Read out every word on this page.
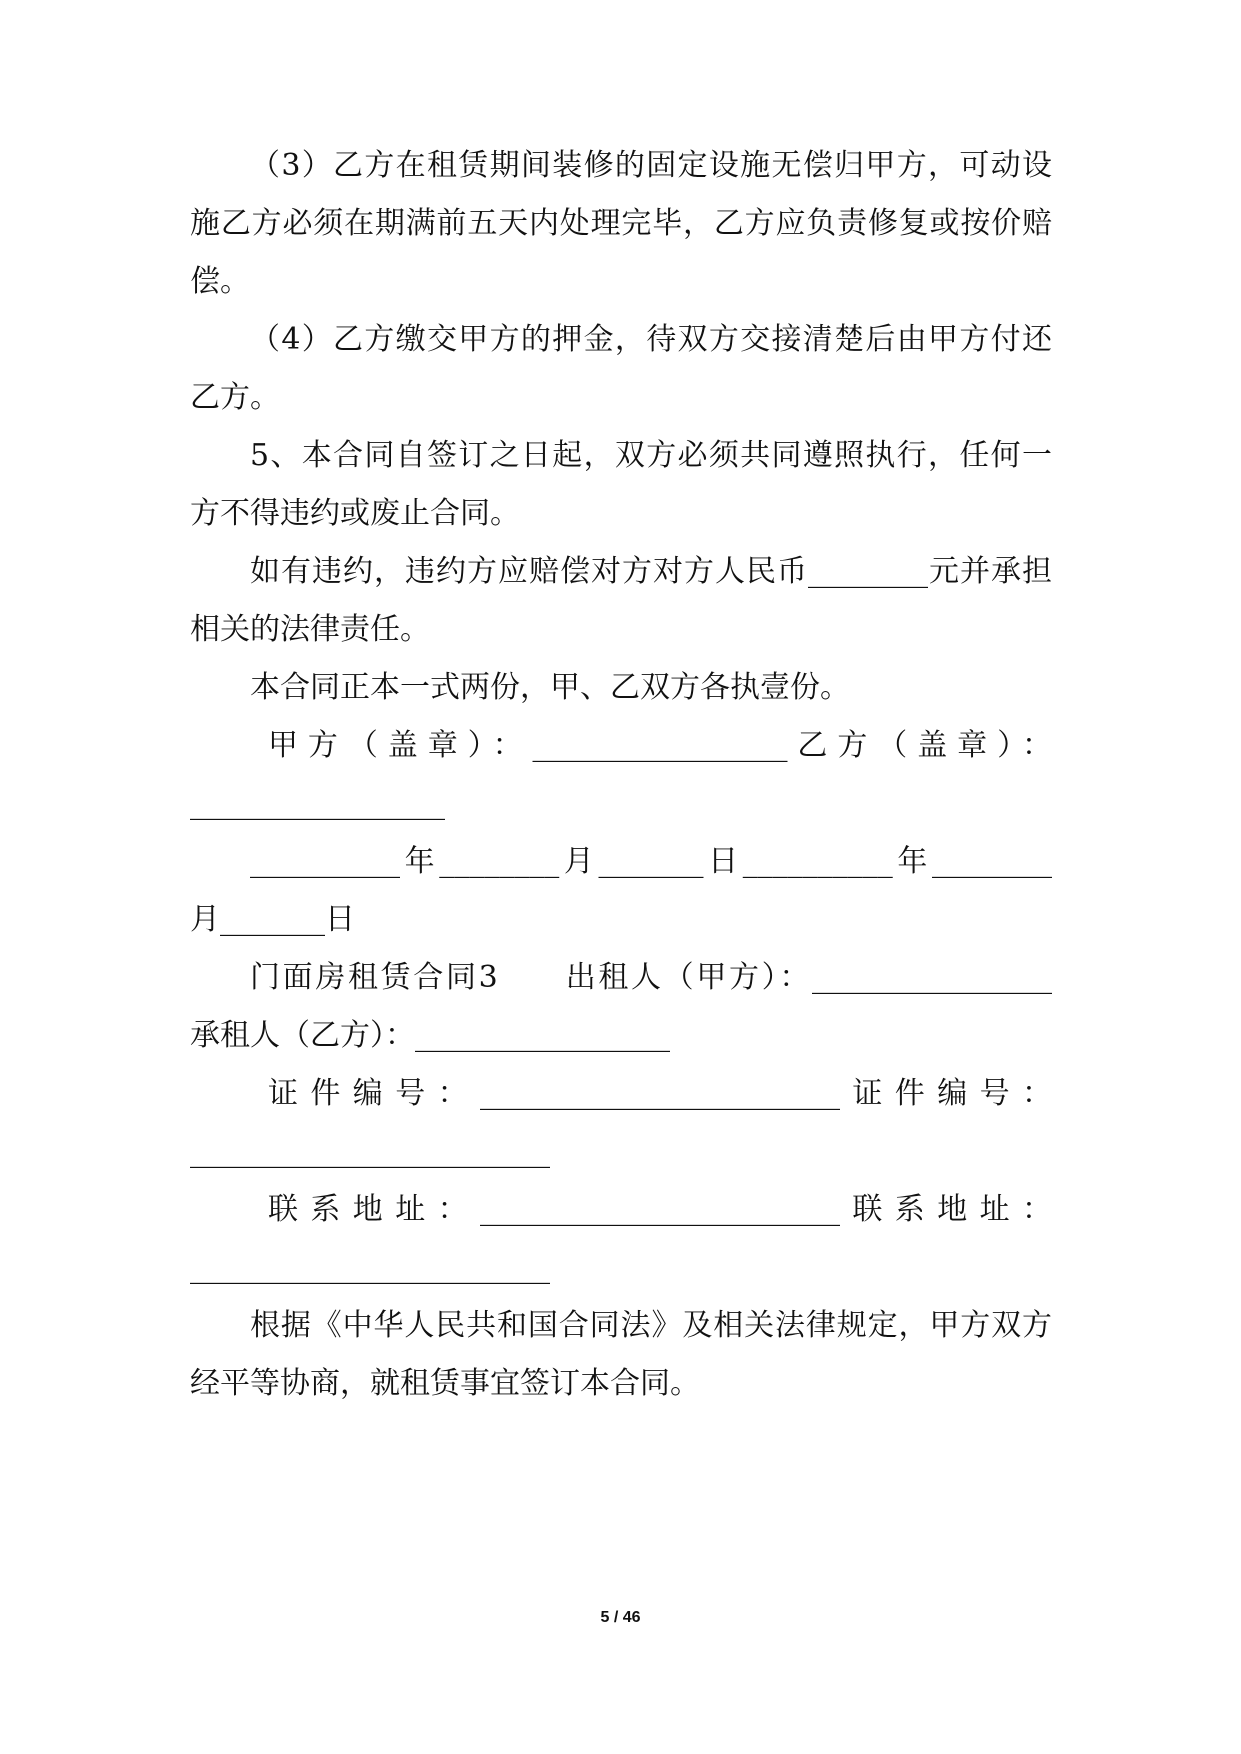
（3）乙方在租赁期间装修的固定设施无偿归甲方，可动设
施乙方必须在期满前五天内处理完毕，乙方应负责修复或按价赔
偿。
（4）乙方缴交甲方的押金，待双方交接清楚后由甲方付还
乙方。
5、本合同自签订之日起，双方必须共同遵照执行，任何一
方不得违约或废止合同。
如有违约，违约方应赔偿对方对方人民币________元并承担
相关的法律责任。
本合同正本一式两份，甲、乙双方各执壹份。
甲方（盖章）：_________________乙方（盖章）：
_________________
__________年________月_______日__________年________
月_______日
门面房租赁合同3　　出租人（甲方）：________________
承租人（乙方）：_________________
证件编号：________________________证件编号：
________________________
联系地址：________________________联系地址：
________________________
根据《中华人民共和国合同法》及相关法律规定，甲方双方
经平等协商，就租赁事宜签订本合同。
5 / 46
